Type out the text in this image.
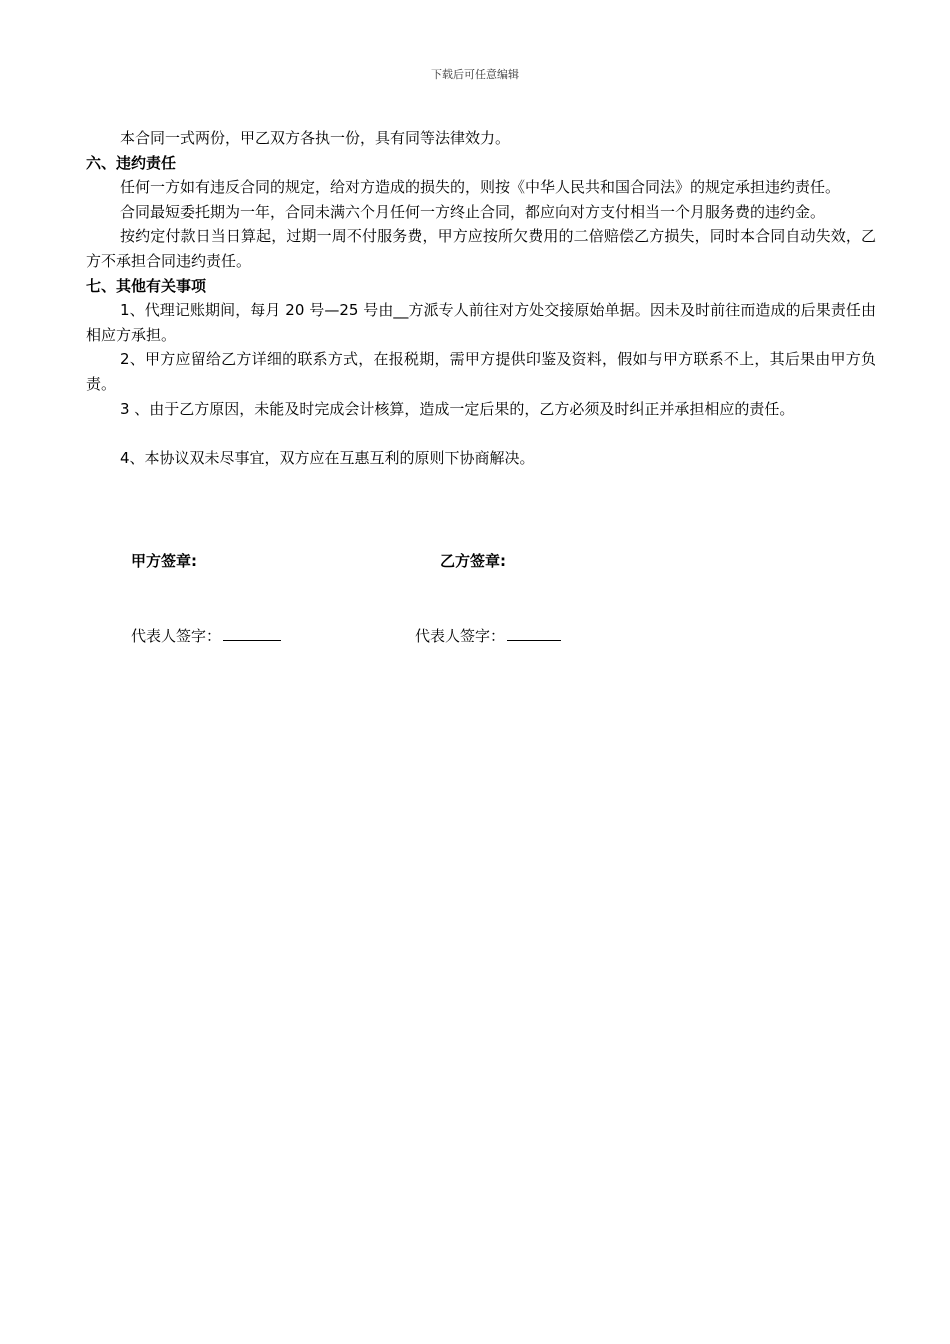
下载后可任意编辑

本合同一式两份，甲乙双方各执一份，具有同等法律效力。

六、违约责任

任何一方如有违反合同的规定，给对方造成的损失的，则按《中华人民共和国合同法》的规定承担违约责任。

合同最短委托期为一年，合同未满六个月任何一方终止合同，都应向对方支付相当一个月服务费的违约金。

按约定付款日当日算起，过期一周不付服务费，甲方应按所欠费用的二倍赔偿乙方损失，同时本合同自动失效，乙方不承担合同违约责任。

七、其他有关事项

1、代理记账期间，每月 20 号—25 号由__方派专人前往对方处交接原始单据。因未及时前往而造成的后果责任由相应方承担。

2、甲方应留给乙方详细的联系方式，在报税期，需甲方提供印鉴及资料，假如与甲方联系不上，其后果由甲方负责。

3 、由于乙方原因，未能及时完成会计核算，造成一定后果的，乙方必须及时纠正并承担相应的责任。

4、本协议双未尽事宜，双方应在互惠互利的原则下协商解决。

甲方签章:	乙方签章:
代表人签字：	代表人签字：
